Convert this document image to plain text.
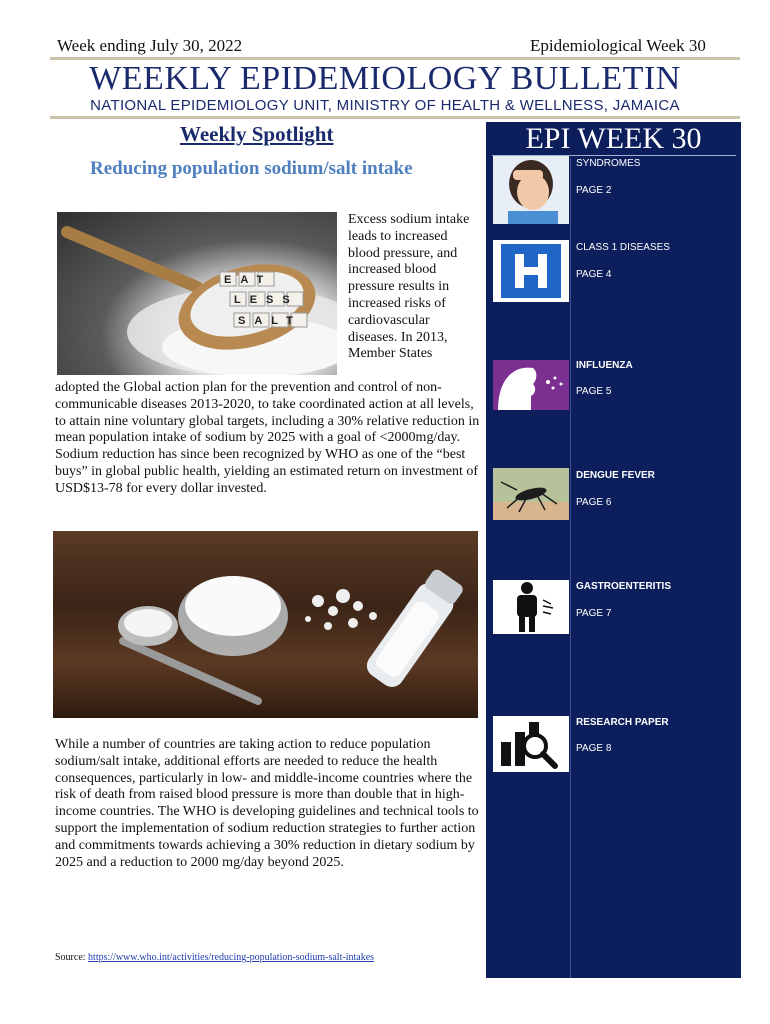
Week ending July 30, 2022	Epidemiological Week 30
WEEKLY EPIDEMIOLOGY BULLETIN
NATIONAL EPIDEMIOLOGY UNIT, MINISTRY OF HEALTH & WELLNESS, JAMAICA
Weekly Spotlight
Reducing population sodium/salt intake
EAT
LESS
SALT

Excess sodium intake leads to increased blood pressure, and increased blood pressure results in increased risks of cardiovascular diseases. In 2013, Member States

adopted the Global action plan for the prevention and control of non-communicable diseases 2013-2020, to take coordinated action at all levels, to attain nine voluntary global targets, including a 30% relative reduction in mean population intake of sodium by 2025 with a goal of <2000mg/day. Sodium reduction has since been recognized by WHO as one of the “best buys” in global public health, yielding an estimated return on investment of USD$13-78 for every dollar invested.

While a number of countries are taking action to reduce population sodium/salt intake, additional efforts are needed to reduce the health consequences, particularly in low- and middle-income countries where the risk of death from raised blood pressure is more than double that in high-income countries. The WHO is developing guidelines and technical tools to support the implementation of sodium reduction strategies to further action and commitments towards achieving a 30% reduction in dietary sodium by 2025 and a reduction to 2000 mg/day beyond 2025.

Source: https://www.who.int/activities/reducing-population-sodium-salt-intakes
EPI WEEK 30
SYNDROMES
PAGE 2
CLASS 1 DISEASES
PAGE 4
INFLUENZA
PAGE 5
DENGUE FEVER
PAGE 6
GASTROENTERITIS
PAGE 7
RESEARCH PAPER
PAGE 8
